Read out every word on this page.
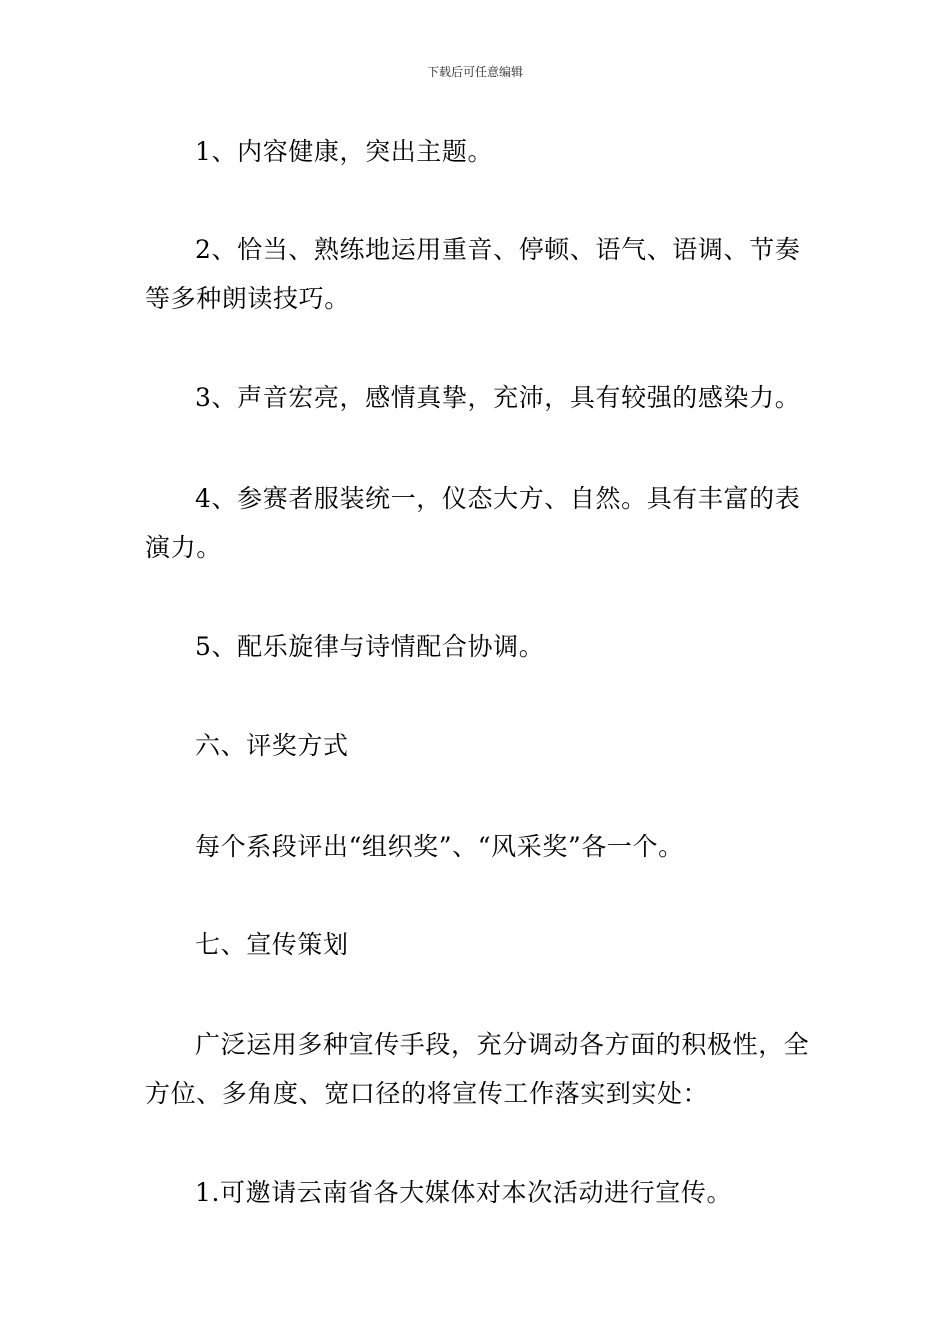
下载后可任意编辑

1、内容健康，突出主题。

2、恰当、熟练地运用重音、停顿、语气、语调、节奏等多种朗读技巧。

3、声音宏亮，感情真挚，充沛，具有较强的感染力。

4、参赛者服装统一，仪态大方、自然。具有丰富的表演力。

5、配乐旋律与诗情配合协调。

六、评奖方式

每个系段评出“组织奖”、“风采奖”各一个。

七、宣传策划

广泛运用多种宣传手段，充分调动各方面的积极性，全方位、多角度、宽口径的将宣传工作落实到实处：

1.可邀请云南省各大媒体对本次活动进行宣传。
